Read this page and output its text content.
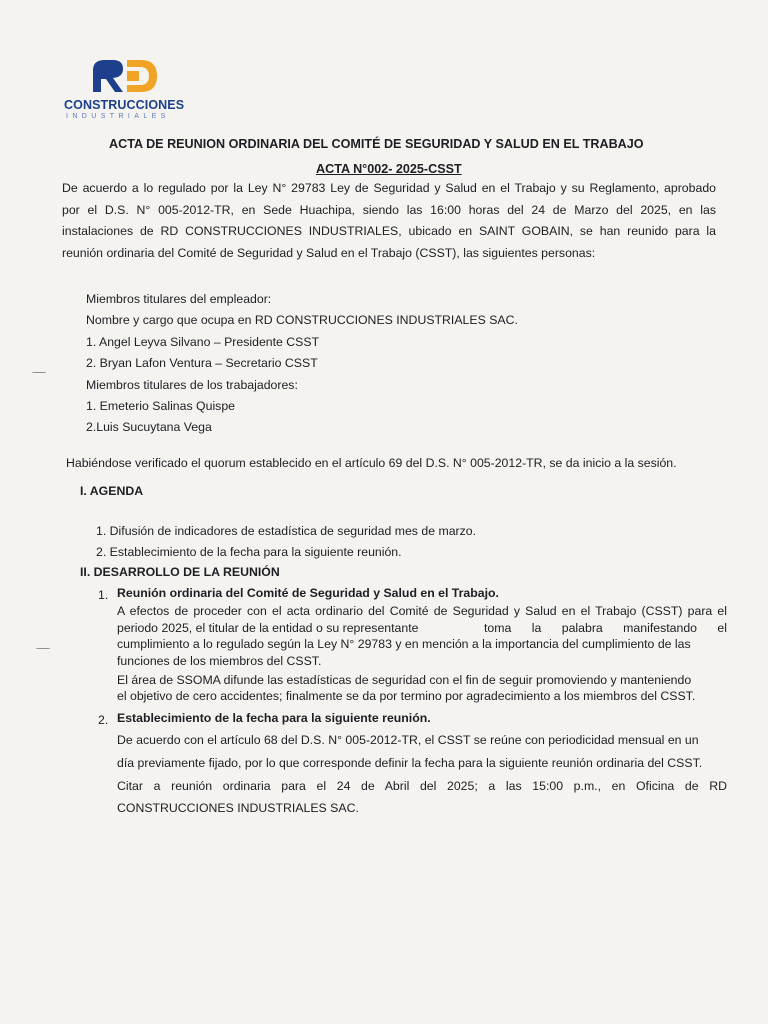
CONSTRUCCIONES
INDUSTRIALES
ACTA DE REUNION ORDINARIA DEL COMITÉ DE SEGURIDAD Y SALUD EN EL TRABAJO
ACTA N°002- 2025-CSST
De acuerdo a lo regulado por la Ley N° 29783 Ley de Seguridad y Salud en el Trabajo y su Reglamento, aprobado
por el D.S. N° 005-2012-TR, en Sede Huachipa, siendo las 16:00 horas del 24 de Marzo del 2025, en las
instalaciones de RD CONSTRUCCIONES INDUSTRIALES, ubicado en SAINT GOBAIN, se han reunido para la
reunión ordinaria del Comité de Seguridad y Salud en el Trabajo (CSST), las siguientes personas:
Miembros titulares del empleador:
Nombre y cargo que ocupa en RD CONSTRUCCIONES INDUSTRIALES SAC.
1. Angel Leyva Silvano – Presidente CSST
2. Bryan Lafon Ventura – Secretario CSST
Miembros titulares de los trabajadores:
1. Emeterio Salinas Quispe
2.Luis Sucuytana Vega
Habiéndose verificado el quorum establecido en el artículo 69 del D.S. N° 005-2012-TR, se da inicio a la sesión.
I. AGENDA
1. Difusión de indicadores de estadística de seguridad mes de marzo.
2. Establecimiento de la fecha para la siguiente reunión.
II. DESARROLLO DE LA REUNIÓN
1. Reunión ordinaria del Comité de Seguridad y Salud en el Trabajo.
A efectos de proceder con el acta ordinario del Comité de Seguridad y Salud en el Trabajo (CSST) para el
periodo 2025, el titular de la entidad o su representante	toma la palabra manifestando el
cumplimiento a lo regulado según la Ley N° 29783 y en mención a la importancia del cumplimiento de las
funciones de los miembros del CSST.
El área de SSOMA difunde las estadísticas de seguridad con el fin de seguir promoviendo y manteniendo
el objetivo de cero accidentes; finalmente se da por termino por agradecimiento a los miembros del CSST.
2. Establecimiento de la fecha para la siguiente reunión.
De acuerdo con el artículo 68 del D.S. N° 005-2012-TR, el CSST se reúne con periodicidad mensual en un
día previamente fijado, por lo que corresponde definir la fecha para la siguiente reunión ordinaria del CSST.
Citar a reunión ordinaria para el 24 de Abril del 2025; a las 15:00 p.m., en Oficina de RD
CONSTRUCCIONES INDUSTRIALES SAC.
